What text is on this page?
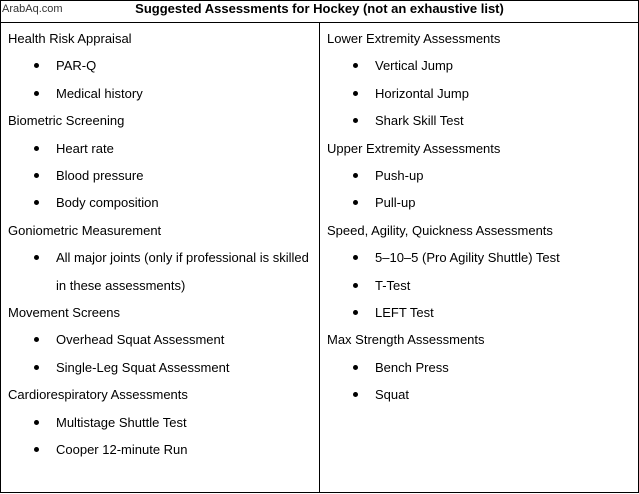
ArabAq.com	Suggested Assessments for Hockey (not an exhaustive list)

Health Risk Appraisal
PAR-Q
Medical history
Biometric Screening
Heart rate
Blood pressure
Body composition
Goniometric Measurement
All major joints (only if professional is skilled in these assessments)
Movement Screens
Overhead Squat Assessment
Single-Leg Squat Assessment
Cardiorespiratory Assessments
Multistage Shuttle Test
Cooper 12-minute Run

Lower Extremity Assessments
Vertical Jump
Horizontal Jump
Shark Skill Test
Upper Extremity Assessments
Push-up
Pull-up
Speed, Agility, Quickness Assessments
5–10–5 (Pro Agility Shuttle) Test
T-Test
LEFT Test
Max Strength Assessments
Bench Press
Squat
